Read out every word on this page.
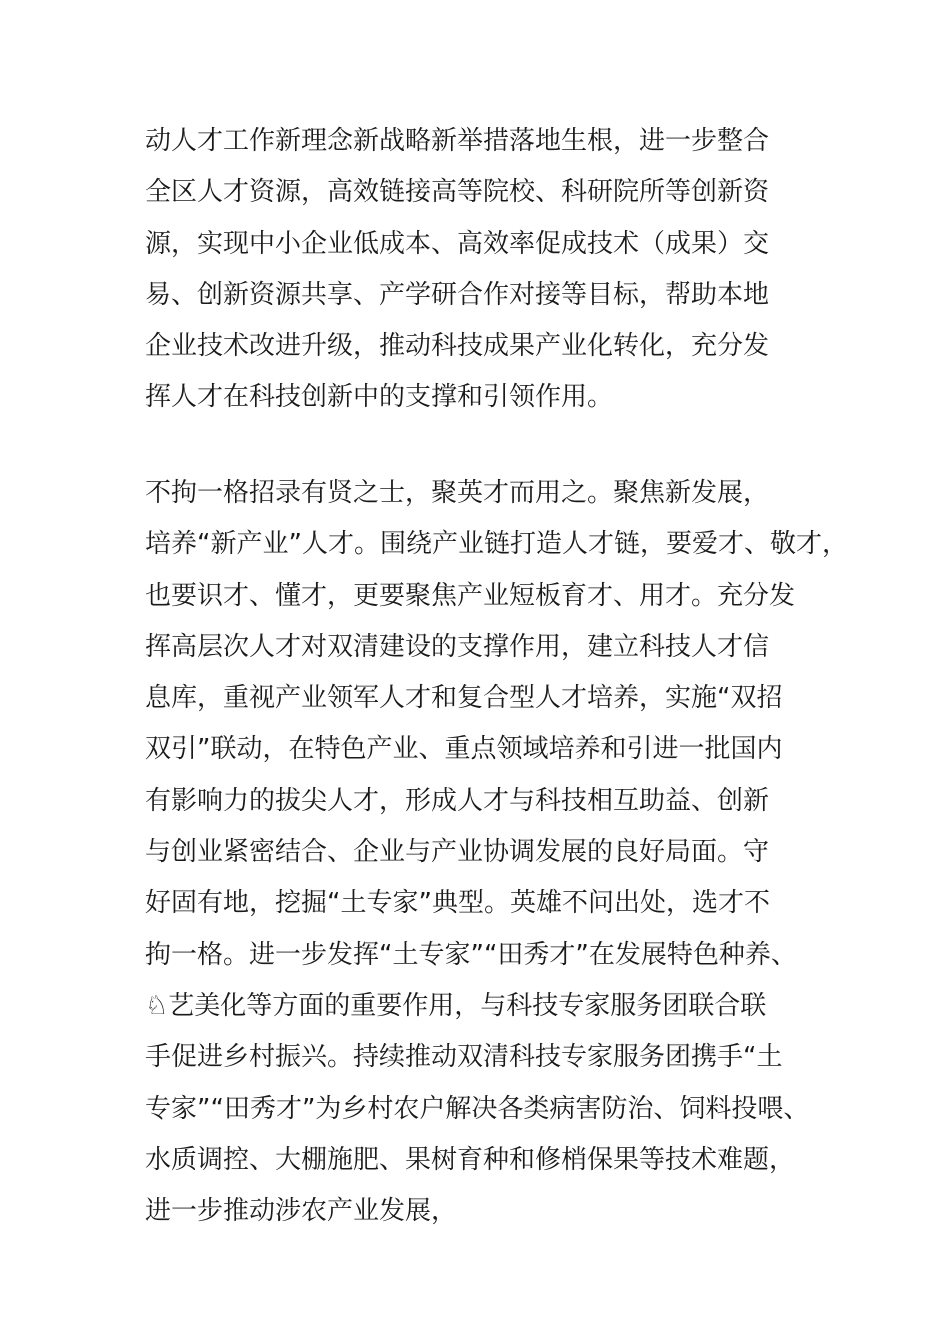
动人才工作新理念新战略新举措落地生根，进一步整合
全区人才资源，高效链接高等院校、科研院所等创新资
源，实现中小企业低成本、高效率促成技术（成果）交
易、创新资源共享、产学研合作对接等目标，帮助本地
企业技术改进升级，推动科技成果产业化转化，充分发
挥人才在科技创新中的支撑和引领作用。
不拘一格招录有贤之士，聚英才而用之。聚焦新发展，
培养“新产业”人才。围绕产业链打造人才链，要爱才、敬才，
也要识才、懂才，更要聚焦产业短板育才、用才。充分发
挥高层次人才对双清建设的支撑作用，建立科技人才信
息库，重视产业领军人才和复合型人才培养，实施“双招
双引”联动，在特色产业、重点领域培养和引进一批国内
有影响力的拔尖人才，形成人才与科技相互助益、创新
与创业紧密结合、企业与产业协调发展的良好局面。守
好固有地，挖掘“土专家”典型。英雄不问出处，选才不
拘一格。进一步发挥“土专家”“田秀才”在发展特色种养、
♘艺美化等方面的重要作用，与科技专家服务团联合联
手促进乡村振兴。持续推动双清科技专家服务团携手“土
专家”“田秀才”为乡村农户解决各类病害防治、饲料投喂、
水质调控、大棚施肥、果树育种和修梢保果等技术难题，
进一步推动涉农产业发展，
